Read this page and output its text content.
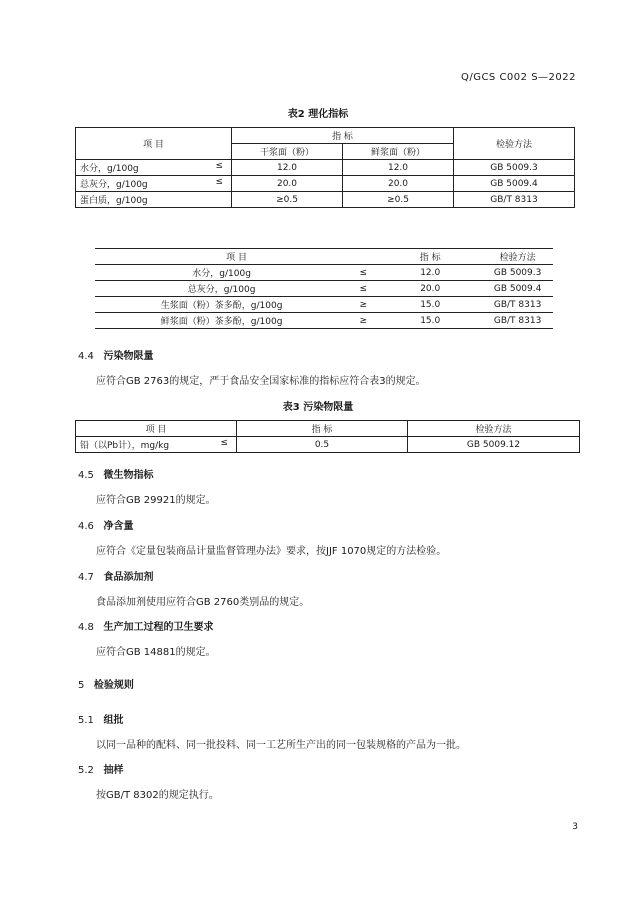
Q/GCS C002 S—2022
表2 理化指标
项 目	指 标		检验方法
	干浆面（粉）	鲜浆面（粉）	

水分，g/100g ≤	12.0	12.0	GB 5009.3

总灰分，g/100g ≤	20.0	20.0	GB 5009.4

蛋白质，g/100g	≥0.5	≥0.5	GB/T 8313
项 目		指 标	检验方法
水分，g/100g	≤	12.0	GB 5009.3
总灰分，g/100g	≤	20.0	GB 5009.4
生浆面（粉）茶多酚，g/100g	≥	15.0	GB/T 8313
鲜浆面（粉）茶多酚，g/100g	≥	15.0	GB/T 8313
4.4 污染物限量
应符合GB 2763的规定，严于食品安全国家标准的指标应符合表3的规定。
表3 污染物限量
项 目	指 标	检验方法

铅（以Pb计），mg/kg ≤	0.5	GB 5009.12
4.5 微生物指标
应符合GB 29921的规定。
4.6 净含量
应符合《定量包装商品计量监督管理办法》要求，按JJF 1070规定的方法检验。
4.7 食品添加剂
食品添加剂使用应符合GB 2760类别品的规定。
4.8 生产加工过程的卫生要求
应符合GB 14881的规定。
5 检验规则
5.1 组批
以同一品种的配料、同一批投料、同一工艺所生产出的同一包装规格的产品为一批。
5.2 抽样
按GB/T 8302的规定执行。
3
